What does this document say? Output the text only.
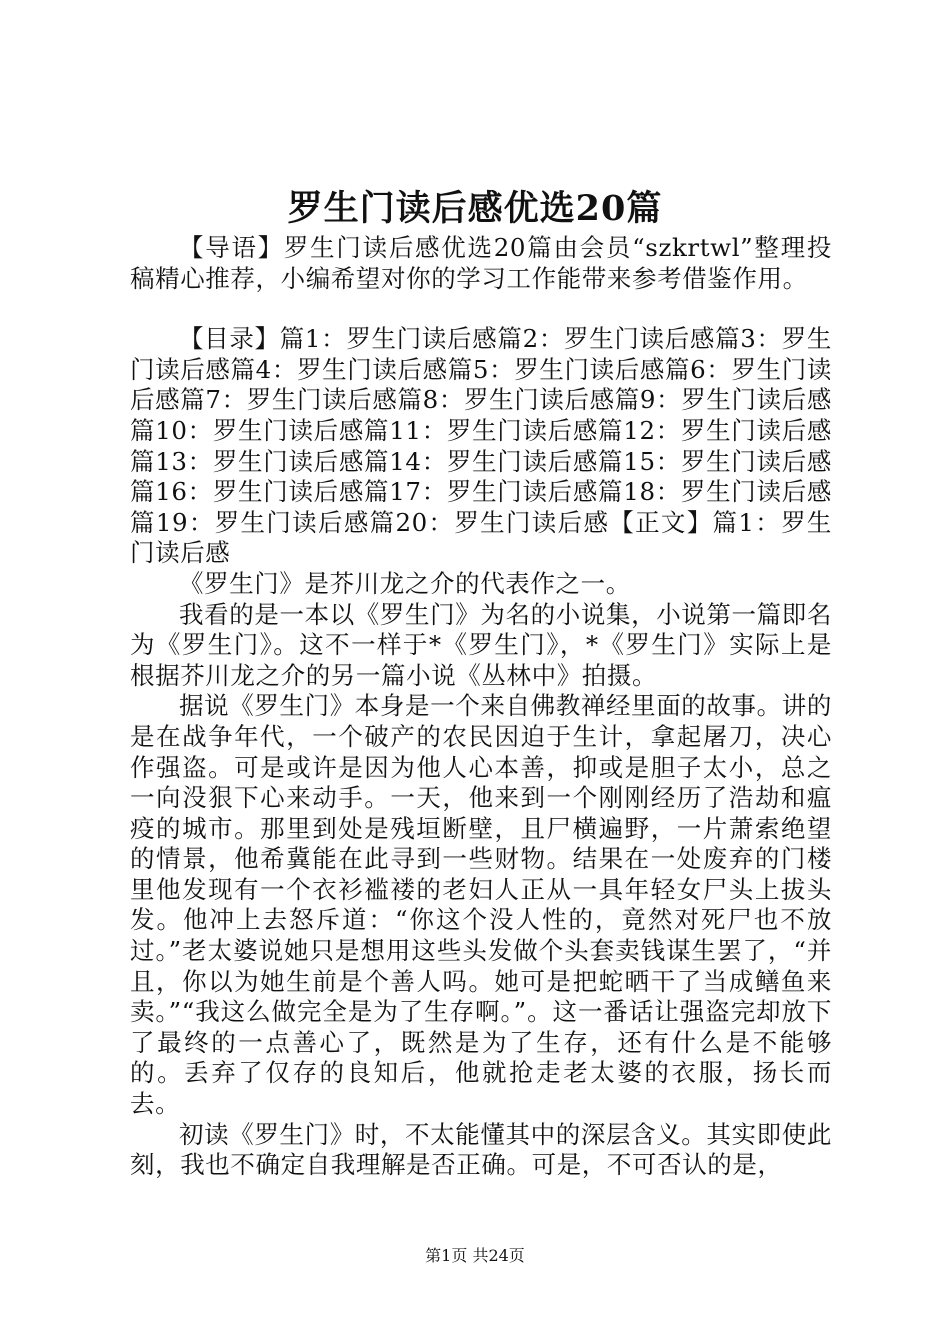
罗生门读后感优选20篇

【导语】罗生门读后感优选20篇由会员“szkrtwl”整理投稿精心推荐，小编希望对你的学习工作能带来参考借鉴作用。

【目录】篇1：罗生门读后感篇2：罗生门读后感篇3：罗生门读后感篇4：罗生门读后感篇5：罗生门读后感篇6：罗生门读后感篇7：罗生门读后感篇8：罗生门读后感篇9：罗生门读后感篇10：罗生门读后感篇11：罗生门读后感篇12：罗生门读后感篇13：罗生门读后感篇14：罗生门读后感篇15：罗生门读后感篇16：罗生门读后感篇17：罗生门读后感篇18：罗生门读后感篇19：罗生门读后感篇20：罗生门读后感【正文】篇1：罗生门读后感

《罗生门》是芥川龙之介的代表作之一。

我看的是一本以《罗生门》为名的小说集，小说第一篇即名为《罗生门》。这不一样于*《罗生门》，*《罗生门》实际上是根据芥川龙之介的另一篇小说《丛林中》拍摄。

据说《罗生门》本身是一个来自佛教禅经里面的故事。讲的是在战争年代，一个破产的农民因迫于生计，拿起屠刀，决心作强盗。可是或许是因为他人心本善，抑或是胆子太小，总之一向没狠下心来动手。一天，他来到一个刚刚经历了浩劫和瘟疫的城市。那里到处是残垣断壁，且尸横遍野，一片萧索绝望的情景，他希冀能在此寻到一些财物。结果在一处废弃的门楼里他发现有一个衣衫褴褛的老妇人正从一具年轻女尸头上拔头发。他冲上去怒斥道：“你这个没人性的，竟然对死尸也不放过。”老太婆说她只是想用这些头发做个头套卖钱谋生罢了，“并且，你以为她生前是个善人吗。她可是把蛇晒干了当成鳝鱼来卖。”“我这么做完全是为了生存啊。”。这一番话让强盗完却放下了最终的一点善心了，既然是为了生存，还有什么是不能够的。丢弃了仅存的良知后，他就抢走老太婆的衣服，扬长而去。

初读《罗生门》时，不太能懂其中的深层含义。其实即使此刻，我也不确定自我理解是否正确。可是，不可否认的是，

第1页 共24页
